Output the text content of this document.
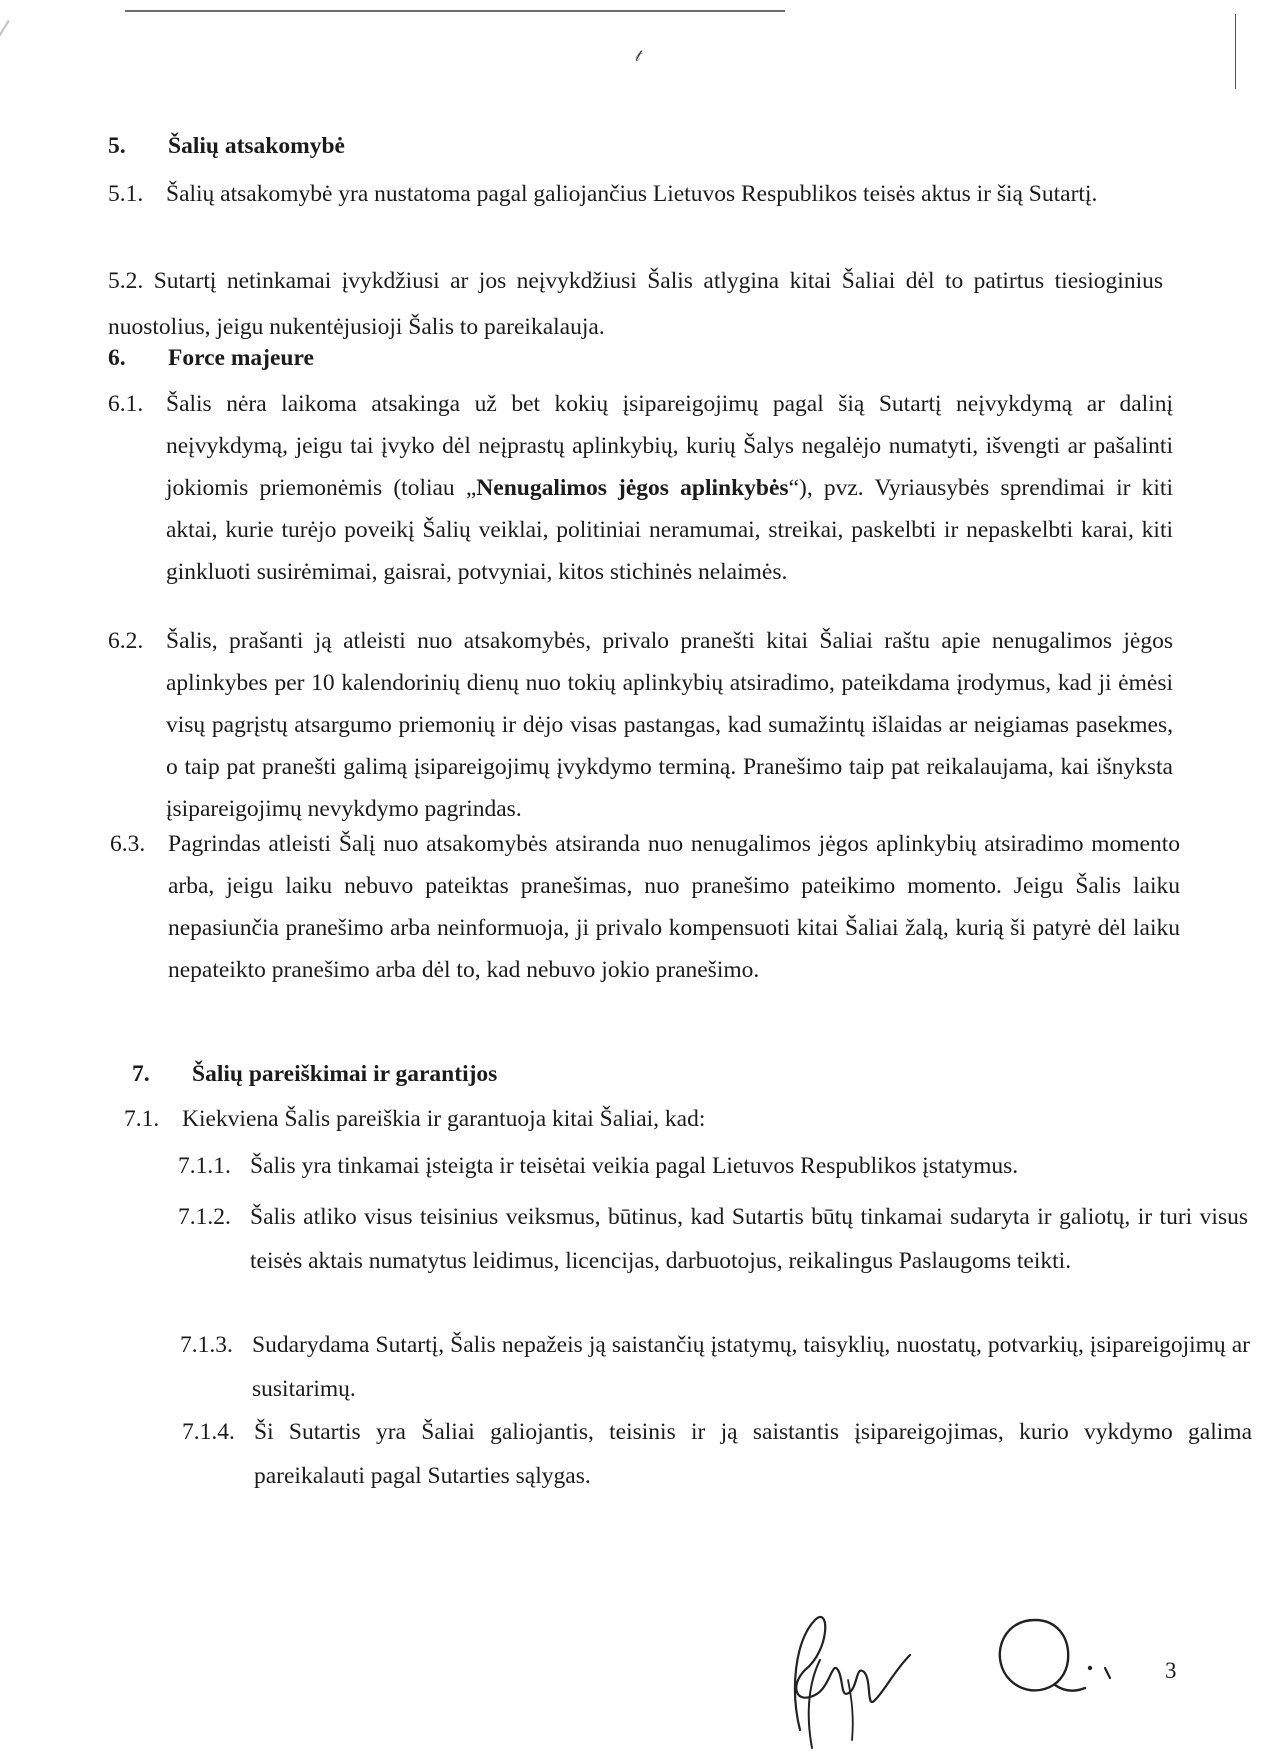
𝓉
5.	Šalių atsakomybė
5.1. Šalių atsakomybė yra nustatoma pagal galiojančius Lietuvos Respublikos teisės aktus ir šią Sutartį.
5.2. Sutartį netinkamai įvykdžiusi ar jos neįvykdžiusi Šalis atlygina kitai Šaliai dėl to patirtus tiesioginius nuostolius, jeigu nukentėjusioji Šalis to pareikalauja.
6.	Force majeure
6.1. Šalis nėra laikoma atsakinga už bet kokių įsipareigojimų pagal šią Sutartį neįvykdymą ar dalinį neįvykdymą, jeigu tai įvyko dėl neįprastų aplinkybių, kurių Šalys negalėjo numatyti, išvengti ar pašalinti jokiomis priemonėmis (toliau „Nenugalimos jėgos aplinkybės“), pvz. Vyriausybės sprendimai ir kiti aktai, kurie turėjo poveikį Šalių veiklai, politiniai neramumai, streikai, paskelbti ir nepaskelbti karai, kiti ginkluoti susirėmimai, gaisrai, potvyniai, kitos stichinės nelaimės.
6.2. Šalis, prašanti ją atleisti nuo atsakomybės, privalo pranešti kitai Šaliai raštu apie nenugalimos jėgos aplinkybes per 10 kalendorinių dienų nuo tokių aplinkybių atsiradimo, pateikdama įrodymus, kad ji ėmėsi visų pagrįstų atsargumo priemonių ir dėjo visas pastangas, kad sumažintų išlaidas ar neigiamas pasekmes, o taip pat pranešti galimą įsipareigojimų įvykdymo terminą. Pranešimo taip pat reikalaujama, kai išnyksta įsipareigojimų nevykdymo pagrindas.
6.3. Pagrindas atleisti Šalį nuo atsakomybės atsiranda nuo nenugalimos jėgos aplinkybių atsiradimo momento arba, jeigu laiku nebuvo pateiktas pranešimas, nuo pranešimo pateikimo momento. Jeigu Šalis laiku nepasiunčia pranešimo arba neinformuoja, ji privalo kompensuoti kitai Šaliai žalą, kurią ši patyrė dėl laiku nepateikto pranešimo arba dėl to, kad nebuvo jokio pranešimo.
7.	Šalių pareiškimai ir garantijos
7.1. Kiekviena Šalis pareiškia ir garantuoja kitai Šaliai, kad:
7.1.1. Šalis yra tinkamai įsteigta ir teisėtai veikia pagal Lietuvos Respublikos įstatymus.
7.1.2. Šalis atliko visus teisinius veiksmus, būtinus, kad Sutartis būtų tinkamai sudaryta ir galiotų, ir turi visus teisės aktais numatytus leidimus, licencijas, darbuotojus, reikalingus Paslaugoms teikti.
7.1.3. Sudarydama Sutartį, Šalis nepažeis ją saistančių įstatymų, taisyklių, nuostatų, potvarkių, įsipareigojimų ar susitarimų.
7.1.4. Ši Sutartis yra Šaliai galiojantis, teisinis ir ją saistantis įsipareigojimas, kurio vykdymo galima pareikalauti pagal Sutarties sąlygas.
3
